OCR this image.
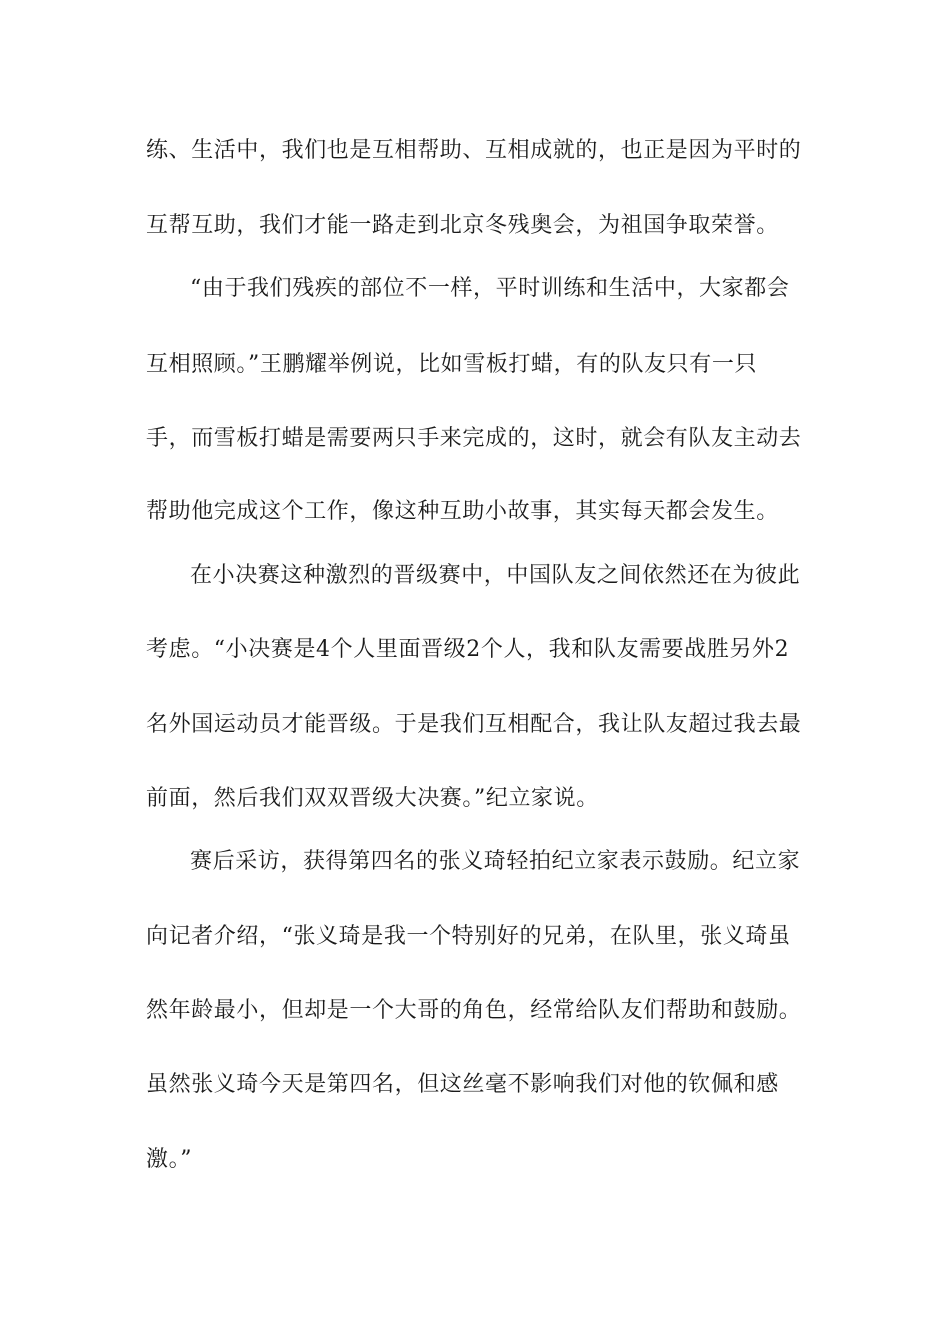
练、生活中，我们也是互相帮助、互相成就的，也正是因为平时的
互帮互助，我们才能一路走到北京冬残奥会，为祖国争取荣誉。
“由于我们残疾的部位不一样，平时训练和生活中，大家都会
互相照顾。”王鹏耀举例说，比如雪板打蜡，有的队友只有一只
手，而雪板打蜡是需要两只手来完成的，这时，就会有队友主动去
帮助他完成这个工作，像这种互助小故事，其实每天都会发生。
在小决赛这种激烈的晋级赛中，中国队友之间依然还在为彼此
考虑。“小决赛是4个人里面晋级2个人，我和队友需要战胜另外2
名外国运动员才能晋级。于是我们互相配合，我让队友超过我去最
前面，然后我们双双晋级大决赛。”纪立家说。
赛后采访，获得第四名的张义琦轻拍纪立家表示鼓励。纪立家
向记者介绍，“张义琦是我一个特别好的兄弟，在队里，张义琦虽
然年龄最小，但却是一个大哥的角色，经常给队友们帮助和鼓励。
虽然张义琦今天是第四名，但这丝毫不影响我们对他的钦佩和感
激。”
